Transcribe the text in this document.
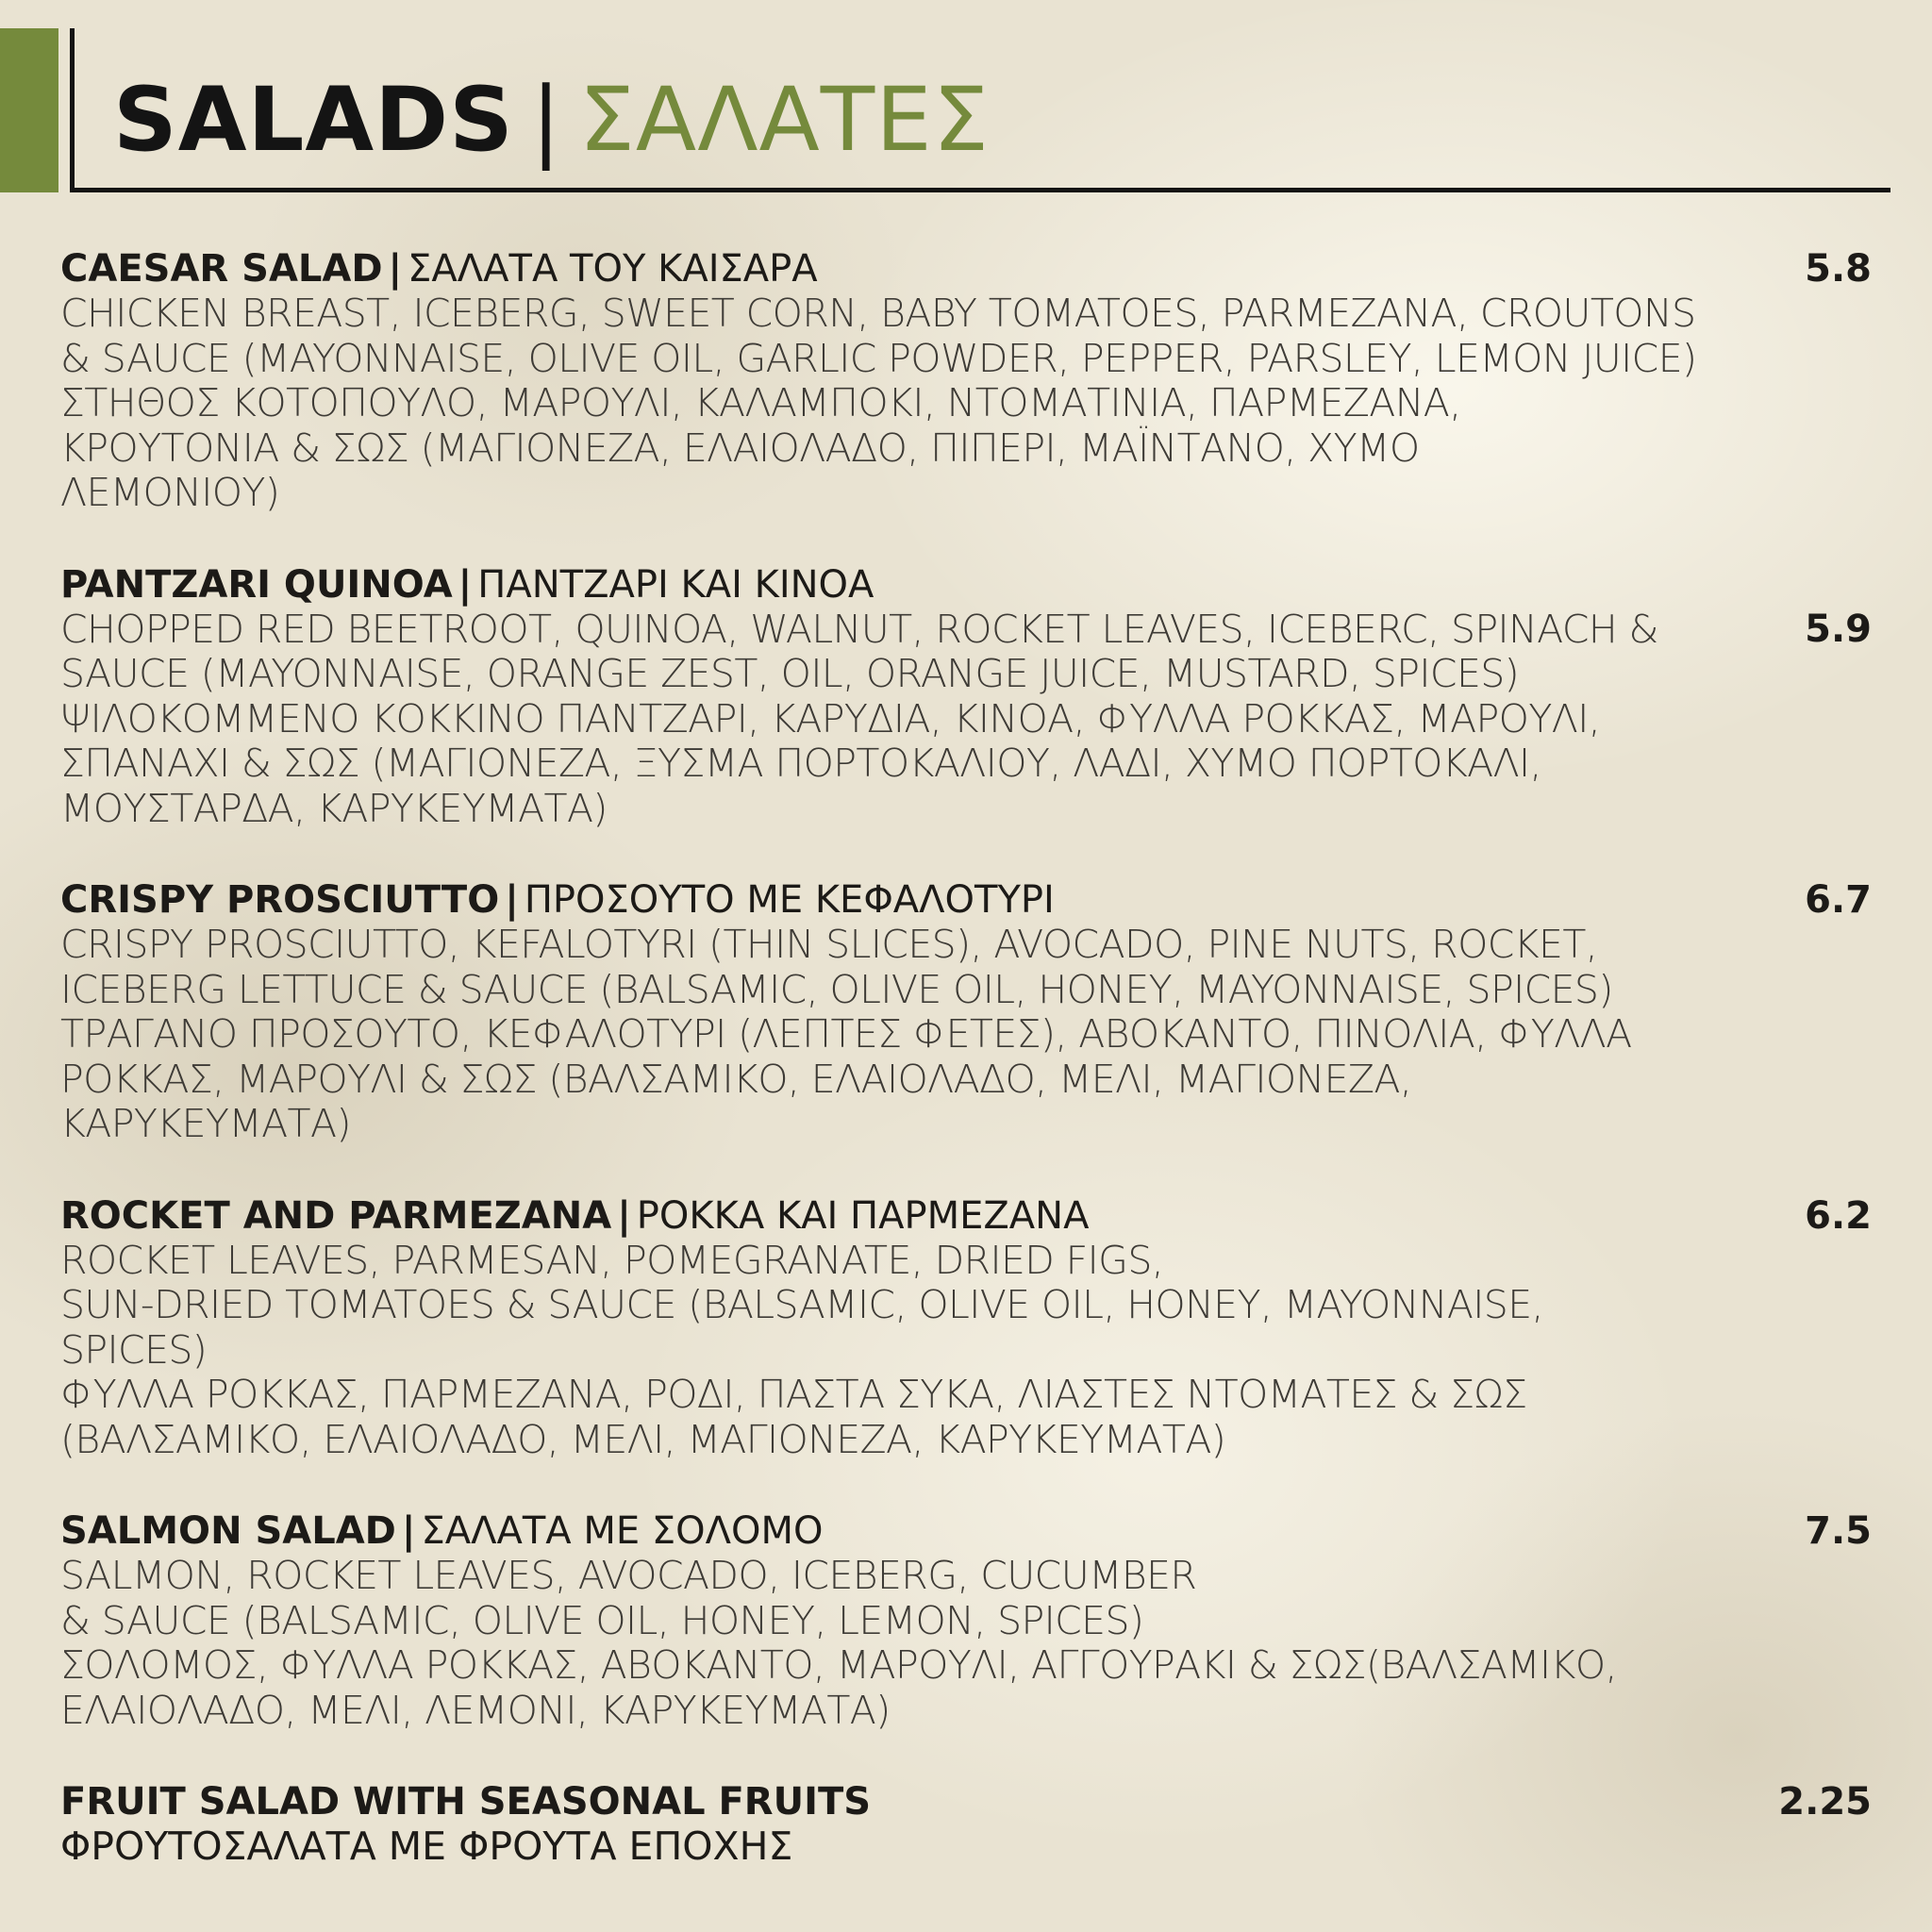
SALADS | ΣΑΛΑΤΕΣ
5.8
CAESAR SALAD | ΣΑΛΑΤΑ ΤΟΥ ΚΑΙΣΑΡΑ
CHICKEN BREAST, ICEBERG, SWEET CORN, BABY TOMATOES, PARMEZANA, CROUTONS
& SAUCE (MAYONNAISE, OLIVE OIL, GARLIC POWDER, PEPPER, PARSLEY, LEMON JUICE)
ΣΤΗΘΟΣ ΚΟΤΟΠΟΥΛΟ, ΜΑΡΟΥΛΙ, ΚΑΛΑΜΠΟΚΙ, ΝΤΟΜΑΤΙΝΙΑ, ΠΑΡΜΕΖΑΝΑ,
ΚΡΟΥΤΟΝΙΑ & ΣΩΣ (ΜΑΓΙΟΝΕΖΑ, ΕΛΑΙΟΛΑΔΟ, ΠΙΠΕΡΙ, ΜΑΪΝΤΑΝΟ, ΧΥΜΟ
ΛΕΜΟΝΙΟΥ)
5.9
PANTZARI QUINOA | ΠΑΝΤΖΑΡΙ ΚΑΙ ΚΙΝΟΑ
CHOPPED RED BEETROOT, QUINOA, WALNUT, ROCKET LEAVES, ICEBERC, SPINACH &
SAUCE (MAYONNAISE, ORANGE ZEST, OIL, ORANGE JUICE, MUSTARD, SPICES)
ΨΙΛΟΚΟΜΜΕΝΟ ΚΟΚΚΙΝΟ ΠΑΝΤΖΑΡΙ, ΚΑΡΥΔΙΑ, ΚΙΝΟΑ, ΦΥΛΛΑ ΡΟΚΚΑΣ, ΜΑΡΟΥΛΙ,
ΣΠΑΝΑΧΙ & ΣΩΣ (ΜΑΓΙΟΝΕΖΑ, ΞΥΣΜΑ ΠΟΡΤΟΚΑΛΙΟΥ, ΛΑΔΙ, ΧΥΜΟ ΠΟΡΤΟΚΑΛΙ,
ΜΟΥΣΤΑΡΔΑ, ΚΑΡΥΚΕΥΜΑΤΑ)
6.7
CRISPY PROSCIUTTO | ΠΡΟΣΟΥΤΟ ΜΕ ΚΕΦΑΛΟΤΥΡΙ
CRISPY PROSCIUTTO, KEFALOTYRI (THIN SLICES), AVOCADO, PINE NUTS, ROCKET,
ICEBERG LETTUCE & SAUCE (BALSAMIC, OLIVE OIL, HONEY, MAYONNAISE, SPICES)
ΤΡΑΓΑΝΟ ΠΡΟΣΟΥΤΟ, ΚΕΦΑΛΟΤΥΡΙ (ΛΕΠΤΕΣ ΦΕΤΕΣ), ΑΒΟΚΑΝΤΟ, ΠΙΝΟΛΙΑ, ΦΥΛΛΑ
ΡΟΚΚΑΣ, ΜΑΡΟΥΛΙ & ΣΩΣ (ΒΑΛΣΑΜΙΚΟ, ΕΛΑΙΟΛΑΔΟ, ΜΕΛΙ, ΜΑΓΙΟΝΕΖΑ,
ΚΑΡΥΚΕΥΜΑΤΑ)
6.2
ROCKET AND PARMEZANA | ΡΟΚΚΑ ΚΑΙ ΠΑΡΜΕΖΑΝΑ
ROCKET LEAVES, PARMESAN, POMEGRANATE, DRIED FIGS,
SUN-DRIED TOMATOES & SAUCE (BALSAMIC, OLIVE OIL, HONEY, MAYONNAISE,
SPICES)
ΦΥΛΛΑ ΡΟΚΚΑΣ, ΠΑΡΜΕΖΑΝΑ, ΡΟΔΙ, ΠΑΣΤΑ ΣΥΚΑ, ΛΙΑΣΤΕΣ ΝΤΟΜΑΤΕΣ & ΣΩΣ
(ΒΑΛΣΑΜΙΚΟ, ΕΛΑΙΟΛΑΔΟ, ΜΕΛΙ, ΜΑΓΙΟΝΕΖΑ, ΚΑΡΥΚΕΥΜΑΤΑ)
7.5
SALMON SALAD | ΣΑΛΑΤΑ ΜΕ ΣΟΛΟΜΟ
SALMON, ROCKET LEAVES, AVOCADO, ICEBERG, CUCUMBER
& SAUCE (BALSAMIC, OLIVE OIL, HONEY, LEMON, SPICES)
ΣΟΛΟΜΟΣ, ΦΥΛΛΑ ΡΟΚΚΑΣ, ΑΒΟΚΑΝΤΟ, ΜΑΡΟΥΛΙ, ΑΓΓΟΥΡΑΚΙ & ΣΩΣ(ΒΑΛΣΑΜΙΚΟ,
ΕΛΑΙΟΛΑΔΟ, ΜΕΛΙ, ΛΕΜΟΝΙ, ΚΑΡΥΚΕΥΜΑΤΑ)
2.25
FRUIT SALAD WITH SEASONAL FRUITS
ΦΡΟΥΤΟΣΑΛΑΤΑ ΜΕ ΦΡΟΥΤΑ ΕΠΟΧΗΣ
